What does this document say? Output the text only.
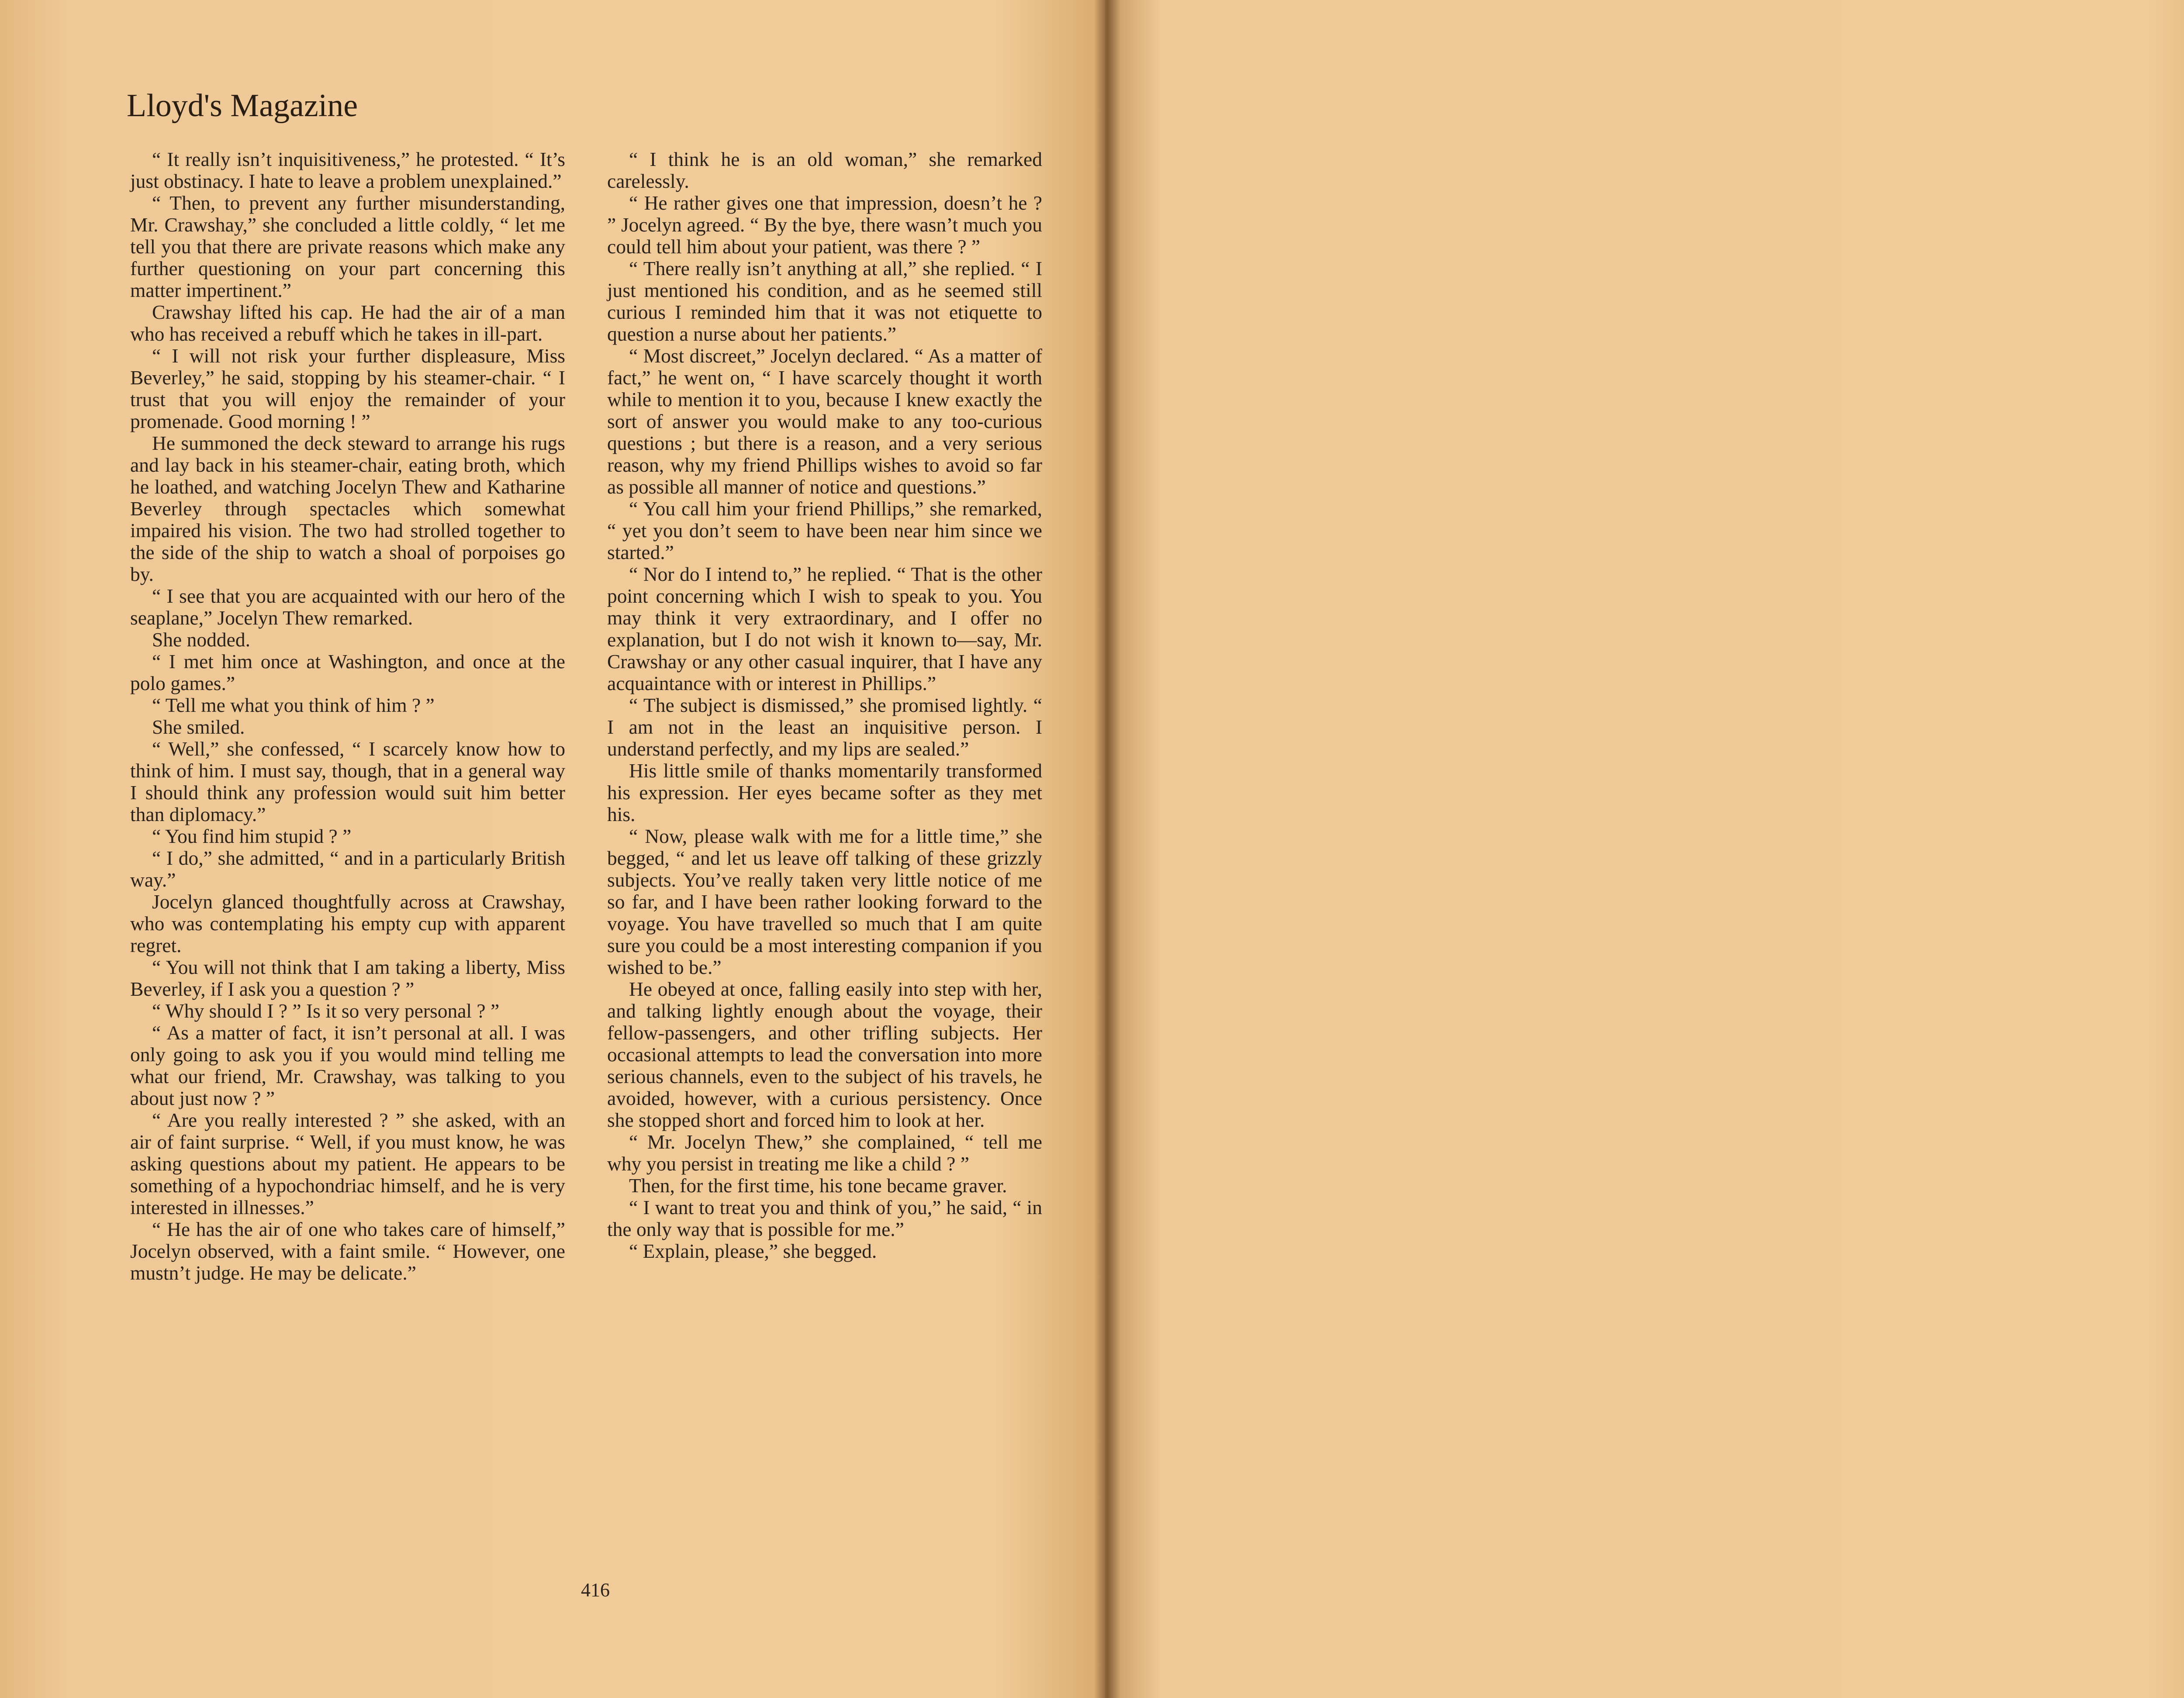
Lloyd's Magazine

“ It really isn’t inquisitiveness,” he protested. “ It’s just obstinacy. I hate to leave a problem unexplained.”

“ Then, to prevent any further misunderstanding, Mr. Crawshay,” she concluded a little coldly, “ let me tell you that there are private reasons which make any further questioning on your part concerning this matter impertinent.”

Crawshay lifted his cap. He had the air of a man who has received a rebuff which he takes in ill-part.

“ I will not risk your further displeasure, Miss Beverley,” he said, stopping by his steamer-chair. “ I trust that you will enjoy the remainder of your promenade. Good morning ! ”

He summoned the deck steward to arrange his rugs and lay back in his steamer-chair, eating broth, which he loathed, and watching Jocelyn Thew and Katharine Beverley through spectacles which somewhat impaired his vision. The two had strolled together to the side of the ship to watch a shoal of porpoises go by.

“ I see that you are acquainted with our hero of the seaplane,” Jocelyn Thew remarked.

She nodded.

“ I met him once at Washington, and once at the polo games.”

“ Tell me what you think of him ? ”

She smiled.

“ Well,” she confessed, “ I scarcely know how to think of him. I must say, though, that in a general way I should think any profession would suit him better than diplomacy.”

“ You find him stupid ? ”

“ I do,” she admitted, “ and in a particularly British way.”

Jocelyn glanced thoughtfully across at Crawshay, who was contemplating his empty cup with apparent regret.

“ You will not think that I am taking a liberty, Miss Beverley, if I ask you a question ? ”

“ Why should I ? ” Is it so very personal ? ”

“ As a matter of fact, it isn’t personal at all. I was only going to ask you if you would mind telling me what our friend, Mr. Crawshay, was talking to you about just now ? ”

“ Are you really interested ? ” she asked, with an air of faint surprise. “ Well, if you must know, he was asking questions about my patient. He appears to be something of a hypochondriac himself, and he is very interested in illnesses.”

“ He has the air of one who takes care of himself,” Jocelyn observed, with a faint smile. “ However, one mustn’t judge. He may be delicate.”

“ I think he is an old woman,” she remarked carelessly.

“ He rather gives one that impression, doesn’t he ? ” Jocelyn agreed. “ By the bye, there wasn’t much you could tell him about your patient, was there ? ”

“ There really isn’t anything at all,” she replied. “ I just mentioned his condition, and as he seemed still curious I reminded him that it was not etiquette to question a nurse about her patients.”

“ Most discreet,” Jocelyn declared. “ As a matter of fact,” he went on, “ I have scarcely thought it worth while to mention it to you, because I knew exactly the sort of answer you would make to any too-curious questions ; but there is a reason, and a very serious reason, why my friend Phillips wishes to avoid so far as possible all manner of notice and questions.”

“ You call him your friend Phillips,” she remarked, “ yet you don’t seem to have been near him since we started.”

“ Nor do I intend to,” he replied. “ That is the other point concerning which I wish to speak to you. You may think it very extraordinary, and I offer no explanation, but I do not wish it known to—say, Mr. Crawshay or any other casual inquirer, that I have any acquaintance with or interest in Phillips.”

“ The subject is dismissed,” she promised lightly. “ I am not in the least an inquisitive person. I understand perfectly, and my lips are sealed.”

His little smile of thanks momentarily transformed his expression. Her eyes became softer as they met his.

“ Now, please walk with me for a little time,” she begged, “ and let us leave off talking of these grizzly subjects. You’ve really taken very little notice of me so far, and I have been rather looking forward to the voyage. You have travelled so much that I am quite sure you could be a most interesting companion if you wished to be.”

He obeyed at once, falling easily into step with her, and talking lightly enough about the voyage, their fellow-passengers, and other trifling subjects. Her occasional attempts to lead the conversation into more serious channels, even to the subject of his travels, he avoided, however, with a curious persistency. Once she stopped short and forced him to look at her.

“ Mr. Jocelyn Thew,” she complained, “ tell me why you persist in treating me like a child ? ”

Then, for the first time, his tone became graver.

“ I want to treat you and think of you,” he said, “ in the only way that is possible for me.”

“ Explain, please,” she begged.

416
